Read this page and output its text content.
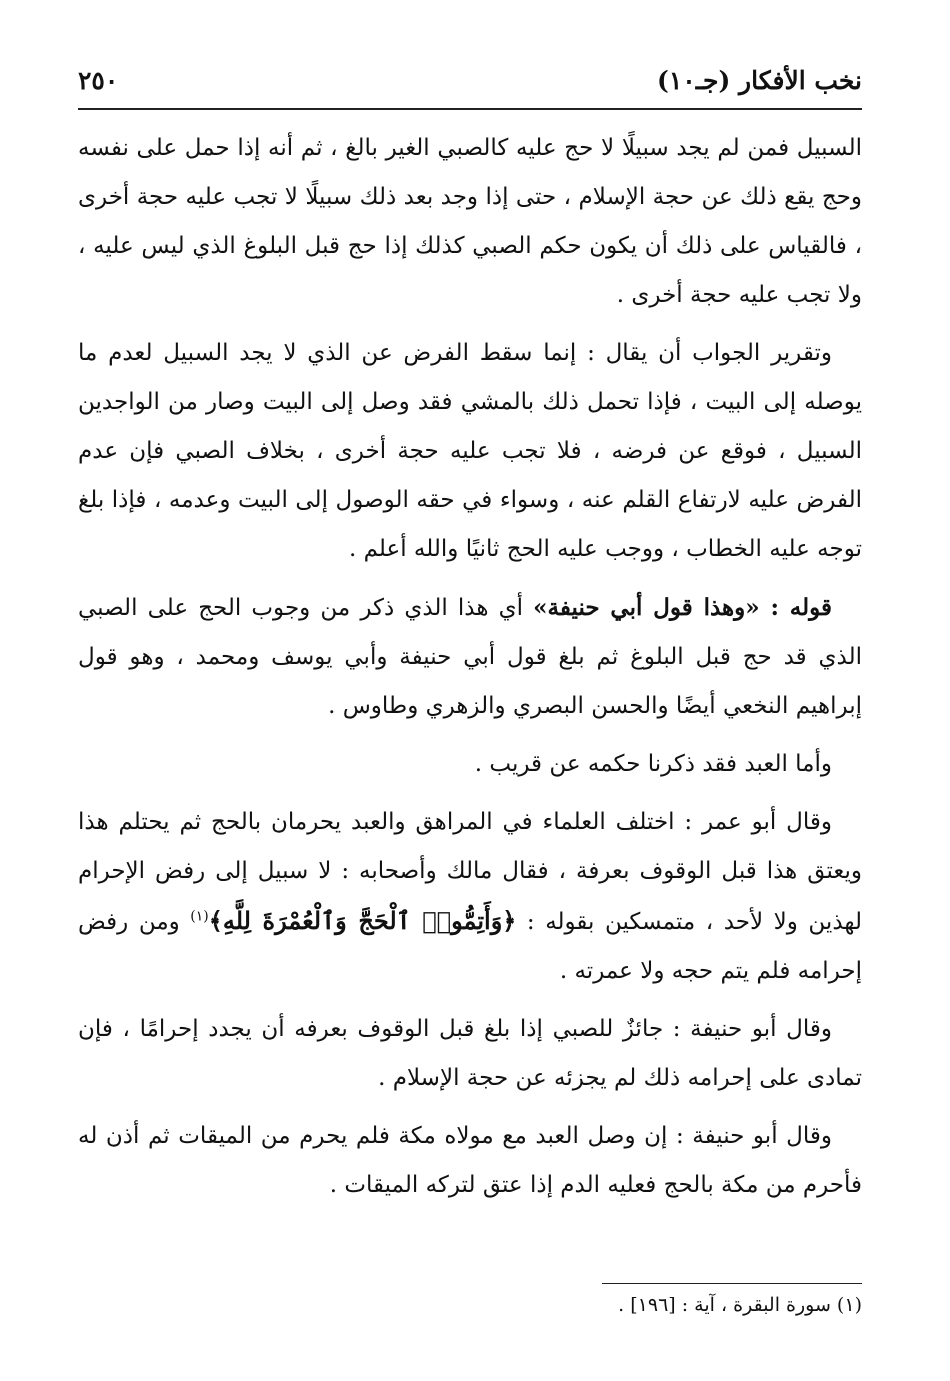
نخب الأفكار (جـ١٠)
٢٥٠

السبيل فمن لم يجد سبيلًا لا حج عليه كالصبي الغير بالغ ، ثم أنه إذا حمل على نفسه وحج يقع ذلك عن حجة الإسلام ، حتى إذا وجد بعد ذلك سبيلًا لا تجب عليه حجة أخرى ، فالقياس على ذلك أن يكون حكم الصبي كذلك إذا حج قبل البلوغ الذي ليس عليه ، ولا تجب عليه حجة أخرى .

وتقرير الجواب أن يقال : إنما سقط الفرض عن الذي لا يجد السبيل لعدم ما يوصله إلى البيت ، فإذا تحمل ذلك بالمشي فقد وصل إلى البيت وصار من الواجدين السبيل ، فوقع عن فرضه ، فلا تجب عليه حجة أخرى ، بخلاف الصبي فإن عدم الفرض عليه لارتفاع القلم عنه ، وسواء في حقه الوصول إلى البيت وعدمه ، فإذا بلغ توجه عليه الخطاب ، ووجب عليه الحج ثانيًا والله أعلم .

قوله : «وهذا قول أبي حنيفة» أي هذا الذي ذكر من وجوب الحج على الصبي الذي قد حج قبل البلوغ ثم بلغ قول أبي حنيفة وأبي يوسف ومحمد ، وهو قول إبراهيم النخعي أيضًا والحسن البصري والزهري وطاوس .

وأما العبد فقد ذكرنا حكمه عن قريب .

وقال أبو عمر : اختلف العلماء في المراهق والعبد يحرمان بالحج ثم يحتلم هذا ويعتق هذا قبل الوقوف بعرفة ، فقال مالك وأصحابه : لا سبيل إلى رفض الإحرام لهذين ولا لأحد ، متمسكين بقوله : ﴿وَأَتِمُّوا۟ ٱلْحَجَّ وَٱلْعُمْرَةَ لِلَّهِ﴾$^{(١)}$ ومن رفض إحرامه فلم يتم حجه ولا عمرته .

وقال أبو حنيفة : جائزٌ للصبي إذا بلغ قبل الوقوف بعرفه أن يجدد إحرامًا ، فإن تمادى على إحرامه ذلك لم يجزئه عن حجة الإسلام .

وقال أبو حنيفة : إن وصل العبد مع مولاه مكة فلم يحرم من الميقات ثم أذن له فأحرم من مكة بالحج فعليه الدم إذا عتق لتركه الميقات .

(١) سورة البقرة ، آية : [١٩٦] .
